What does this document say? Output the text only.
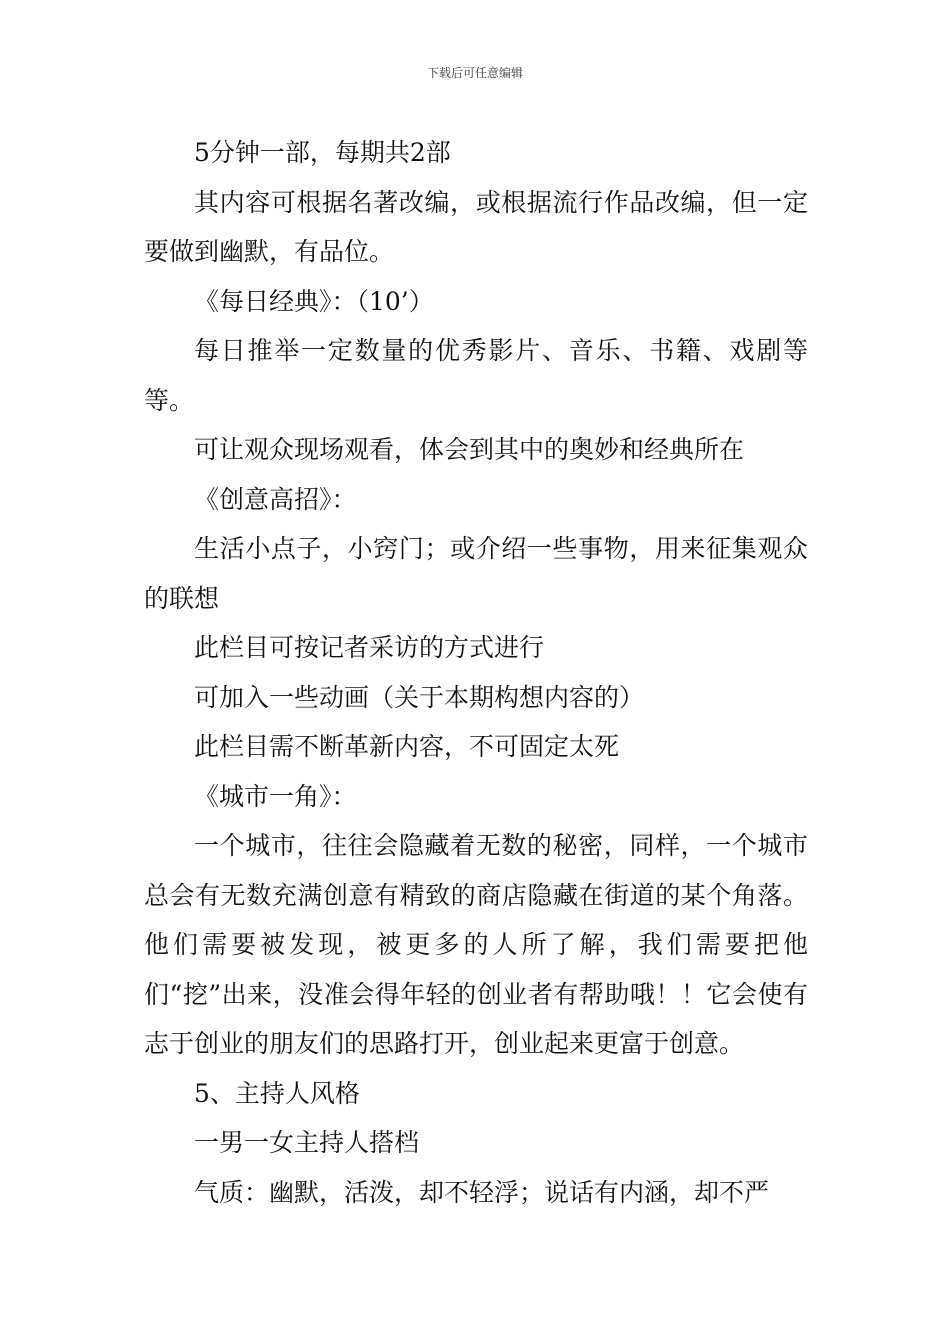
下载后可任意编辑

5分钟一部，每期共2部

其内容可根据名著改编，或根据流行作品改编，但一定要做到幽默，有品位。

《每日经典》：（10’）

每日推举一定数量的优秀影片、音乐、书籍、戏剧等等。

可让观众现场观看，体会到其中的奥妙和经典所在

《创意高招》：

生活小点子，小窍门；或介绍一些事物，用来征集观众的联想

此栏目可按记者采访的方式进行

可加入一些动画（关于本期构想内容的）

此栏目需不断革新内容，不可固定太死

《城市一角》：

一个城市，往往会隐藏着无数的秘密，同样，一个城市总会有无数充满创意有精致的商店隐藏在街道的某个角落。他们需要被发现，被更多的人所了解，我们需要把他们“挖”出来，没准会得年轻的创业者有帮助哦！！它会使有志于创业的朋友们的思路打开，创业起来更富于创意。

5、主持人风格

一男一女主持人搭档

气质：幽默，活泼，却不轻浮；说话有内涵，却不严
